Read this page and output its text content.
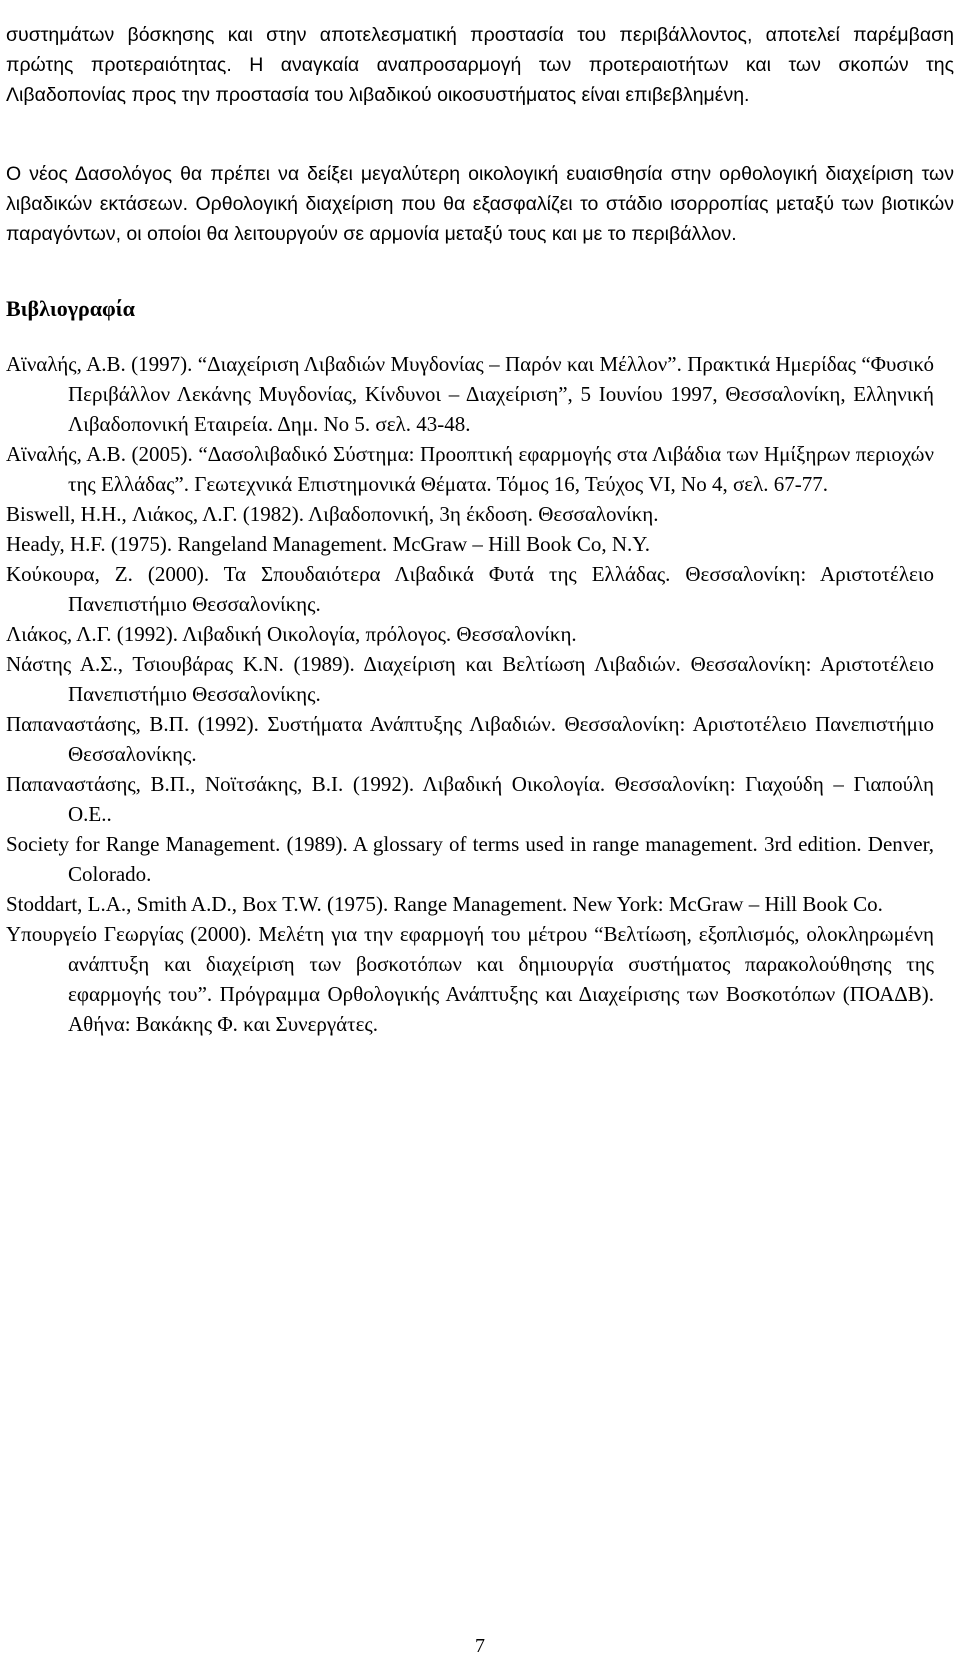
συστημάτων βόσκησης και στην αποτελεσματική προστασία του περιβάλλοντος, αποτελεί παρέμβαση πρώτης προτεραιότητας. Η αναγκαία αναπροσαρμογή των προτεραιοτήτων και των σκοπών της Λιβαδοπονίας προς την προστασία του λιβαδικού οικοσυστήματος είναι επιβεβλημένη.

Ο νέος Δασολόγος θα πρέπει να δείξει μεγαλύτερη οικολογική ευαισθησία στην ορθολογική διαχείριση των λιβαδικών εκτάσεων. Ορθολογική διαχείριση που θα εξασφαλίζει το στάδιο ισορροπίας μεταξύ των βιοτικών παραγόντων, οι οποίοι θα λειτουργούν σε αρμονία μεταξύ τους και με το περιβάλλον.

Βιβλιογραφία

Αϊναλής, Α.Β. (1997). “Διαχείριση Λιβαδιών Μυγδονίας – Παρόν και Μέλλον”. Πρακτικά Ημερίδας “Φυσικό Περιβάλλον Λεκάνης Μυγδονίας, Κίνδυνοι – Διαχείριση”, 5 Ιουνίου 1997, Θεσσαλονίκη, Ελληνική Λιβαδοπονική Εταιρεία. Δημ. Νο 5. σελ. 43-48.

Αϊναλής, Α.Β. (2005). “Δασολιβαδικό Σύστημα: Προοπτική εφαρμογής στα Λιβάδια των Ημίξηρων περιοχών της Ελλάδας”. Γεωτεχνικά Επιστημονικά Θέματα. Τόμος 16, Τεύχος VI, Νο 4, σελ. 67-77.

Biswell, H.H., Λιάκος, Λ.Γ. (1982). Λιβαδοπονική, 3η έκδοση. Θεσσαλονίκη.

Heady, H.F. (1975). Rangeland Management. McGraw – Hill Book Co, N.Y.

Κούκουρα, Ζ. (2000). Τα Σπουδαιότερα Λιβαδικά Φυτά της Ελλάδας. Θεσσαλονίκη: Αριστοτέλειο Πανεπιστήμιο Θεσσαλονίκης.

Λιάκος, Λ.Γ. (1992). Λιβαδική Οικολογία, πρόλογος. Θεσσαλονίκη.

Νάστης Α.Σ., Τσιουβάρας Κ.Ν. (1989). Διαχείριση και Βελτίωση Λιβαδιών. Θεσσαλονίκη: Αριστοτέλειο Πανεπιστήμιο Θεσσαλονίκης.

Παπαναστάσης, Β.Π. (1992). Συστήματα Ανάπτυξης Λιβαδιών. Θεσσαλονίκη: Αριστοτέλειο Πανεπιστήμιο Θεσσαλονίκης.

Παπαναστάσης, Β.Π., Νοϊτσάκης, Β.Ι. (1992). Λιβαδική Οικολογία. Θεσσαλονίκη: Γιαχούδη – Γιαπούλη Ο.Ε..

Society for Range Management. (1989). A glossary of terms used in range management. 3rd edition. Denver, Colorado.

Stoddart, L.A., Smith A.D., Box T.W. (1975). Range Management. New York: McGraw – Hill Book Co.

Υπουργείο Γεωργίας (2000). Μελέτη για την εφαρμογή του μέτρου “Βελτίωση, εξοπλισμός, ολοκληρωμένη ανάπτυξη και διαχείριση των βοσκοτόπων και δημιουργία συστήματος παρακολούθησης της εφαρμογής του”. Πρόγραμμα Ορθολογικής Ανάπτυξης και Διαχείρισης των Βοσκοτόπων (ΠΟΑΔΒ). Αθήνα: Βακάκης Φ. και Συνεργάτες.

7
